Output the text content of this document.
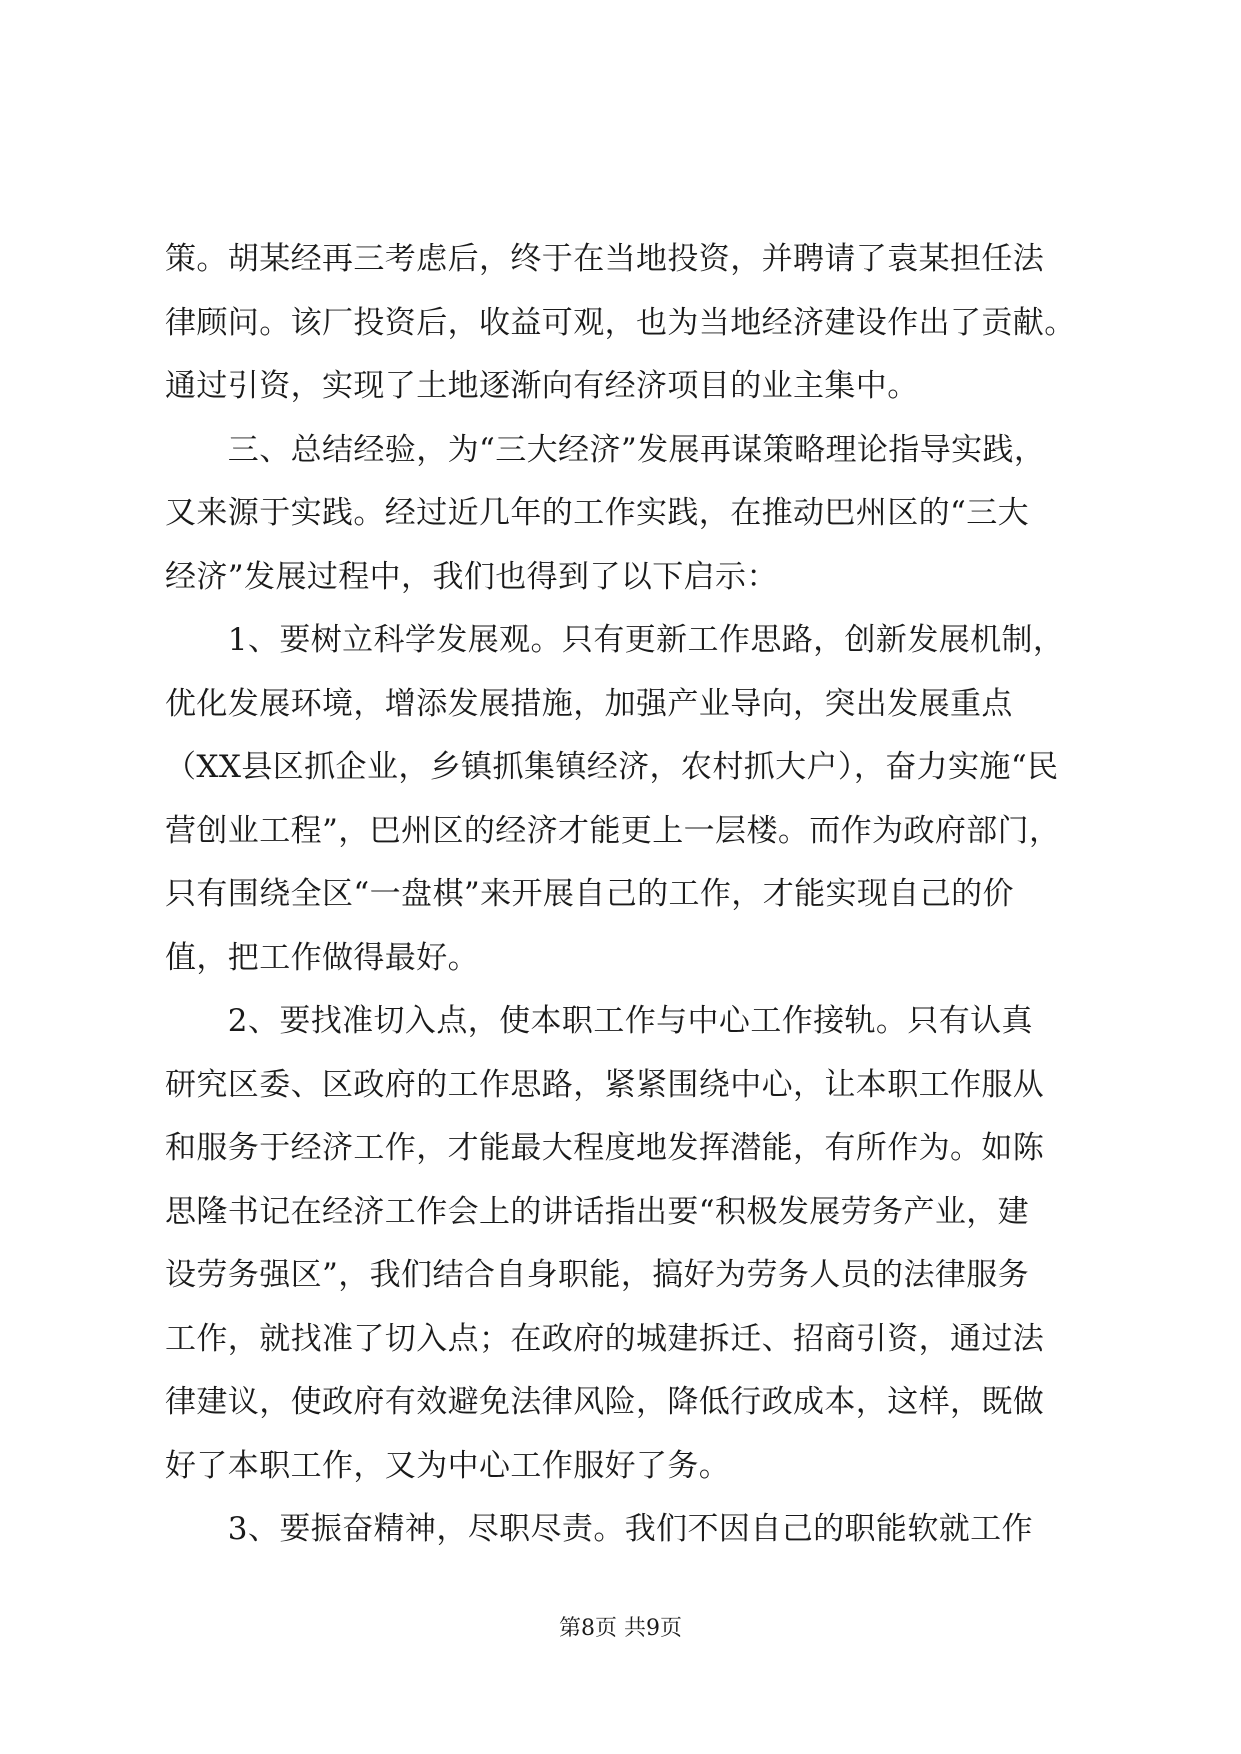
策。胡某经再三考虑后，终于在当地投资，并聘请了袁某担任法
律顾问。该厂投资后，收益可观，也为当地经济建设作出了贡献。
通过引资，实现了土地逐渐向有经济项目的业主集中。
　　三、总结经验，为“三大经济”发展再谋策略理论指导实践，
又来源于实践。经过近几年的工作实践，在推动巴州区的“三大
经济”发展过程中，我们也得到了以下启示：
　　1、要树立科学发展观。只有更新工作思路，创新发展机制，
优化发展环境，增添发展措施，加强产业导向，突出发展重点
（XX县区抓企业，乡镇抓集镇经济，农村抓大户），奋力实施“民
营创业工程”，巴州区的经济才能更上一层楼。而作为政府部门，
只有围绕全区“一盘棋”来开展自己的工作，才能实现自己的价
值，把工作做得最好。
　　2、要找准切入点，使本职工作与中心工作接轨。只有认真
研究区委、区政府的工作思路，紧紧围绕中心，让本职工作服从
和服务于经济工作，才能最大程度地发挥潜能，有所作为。如陈
思隆书记在经济工作会上的讲话指出要“积极发展劳务产业，建
设劳务强区”，我们结合自身职能，搞好为劳务人员的法律服务
工作，就找准了切入点；在政府的城建拆迁、招商引资，通过法
律建议，使政府有效避免法律风险，降低行政成本，这样，既做
好了本职工作，又为中心工作服好了务。
　　3、要振奋精神，尽职尽责。我们不因自己的职能软就工作
第8页 共9页
